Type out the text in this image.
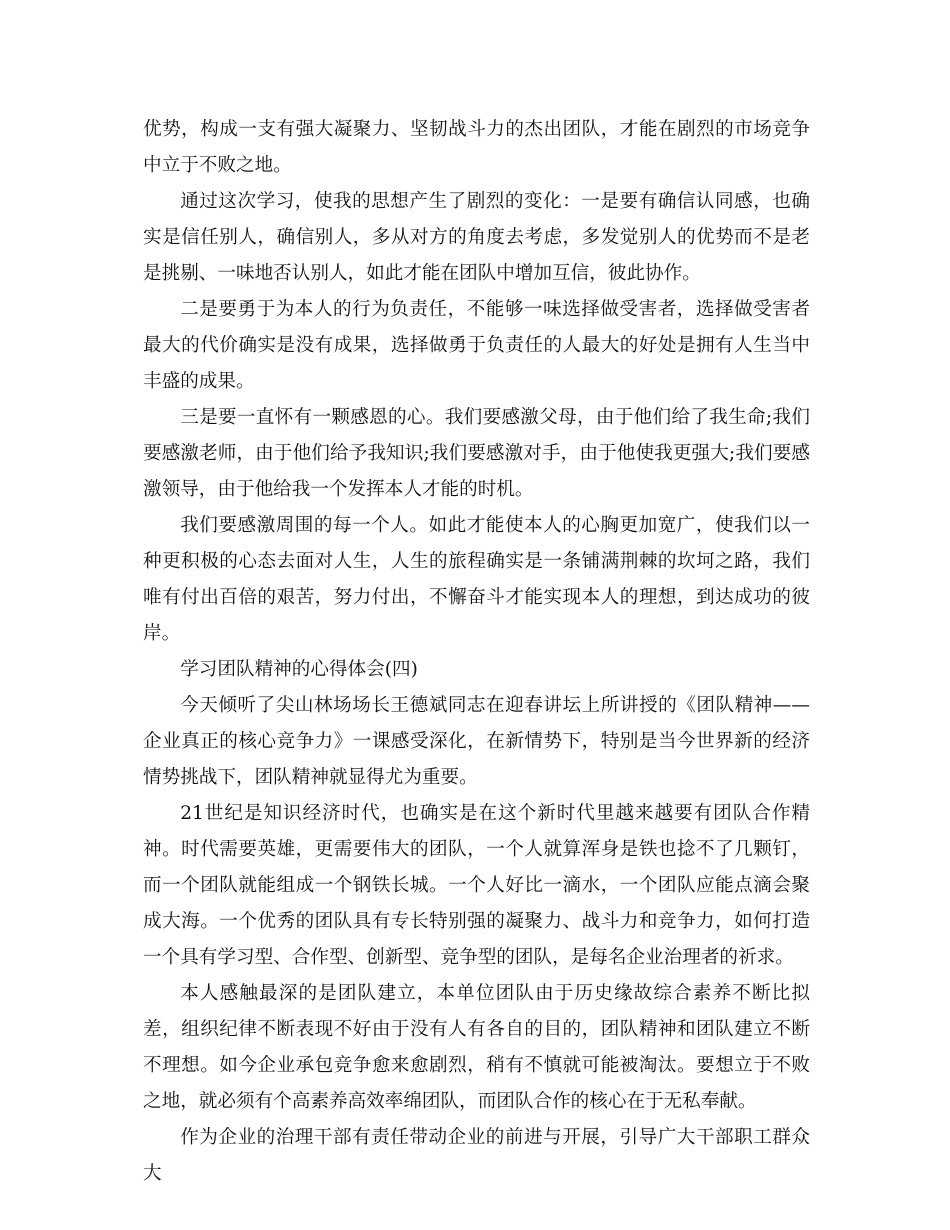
优势，构成一支有强大凝聚力、坚韧战斗力的杰出团队，才能在剧烈的市场竞争中立于不败之地。

通过这次学习，使我的思想产生了剧烈的变化：一是要有确信认同感，也确实是信任别人，确信别人，多从对方的角度去考虑，多发觉别人的优势而不是老是挑剔、一味地否认别人，如此才能在团队中增加互信，彼此协作。

二是要勇于为本人的行为负责任，不能够一味选择做受害者，选择做受害者最大的代价确实是没有成果，选择做勇于负责任的人最大的好处是拥有人生当中丰盛的成果。

三是要一直怀有一颗感恩的心。我们要感激父母，由于他们给了我生命;我们要感激老师，由于他们给予我知识;我们要感激对手，由于他使我更强大;我们要感激领导，由于他给我一个发挥本人才能的时机。

我们要感激周围的每一个人。如此才能使本人的心胸更加宽广，使我们以一种更积极的心态去面对人生，人生的旅程确实是一条铺满荆棘的坎坷之路，我们唯有付出百倍的艰苦，努力付出，不懈奋斗才能实现本人的理想，到达成功的彼岸。

学习团队精神的心得体会(四)

今天倾听了尖山林场场长王德斌同志在迎春讲坛上所讲授的《团队精神——企业真正的核心竞争力》一课感受深化，在新情势下，特别是当今世界新的经济情势挑战下，团队精神就显得尤为重要。

21世纪是知识经济时代，也确实是在这个新时代里越来越要有团队合作精神。时代需要英雄，更需要伟大的团队，一个人就算浑身是铁也捻不了几颗钉，而一个团队就能组成一个钢铁长城。一个人好比一滴水，一个团队应能点滴会聚成大海。一个优秀的团队具有专长特别强的凝聚力、战斗力和竞争力，如何打造一个具有学习型、合作型、创新型、竞争型的团队，是每名企业治理者的祈求。

本人感触最深的是团队建立，本单位团队由于历史缘故综合素养不断比拟差，组织纪律不断表现不好由于没有人有各自的目的，团队精神和团队建立不断不理想。如今企业承包竞争愈来愈剧烈，稍有不慎就可能被淘汰。要想立于不败之地，就必须有个高素养高效率绵团队，而团队合作的核心在于无私奉献。

作为企业的治理干部有责任带动企业的前进与开展，引导广大干部职工群众大
